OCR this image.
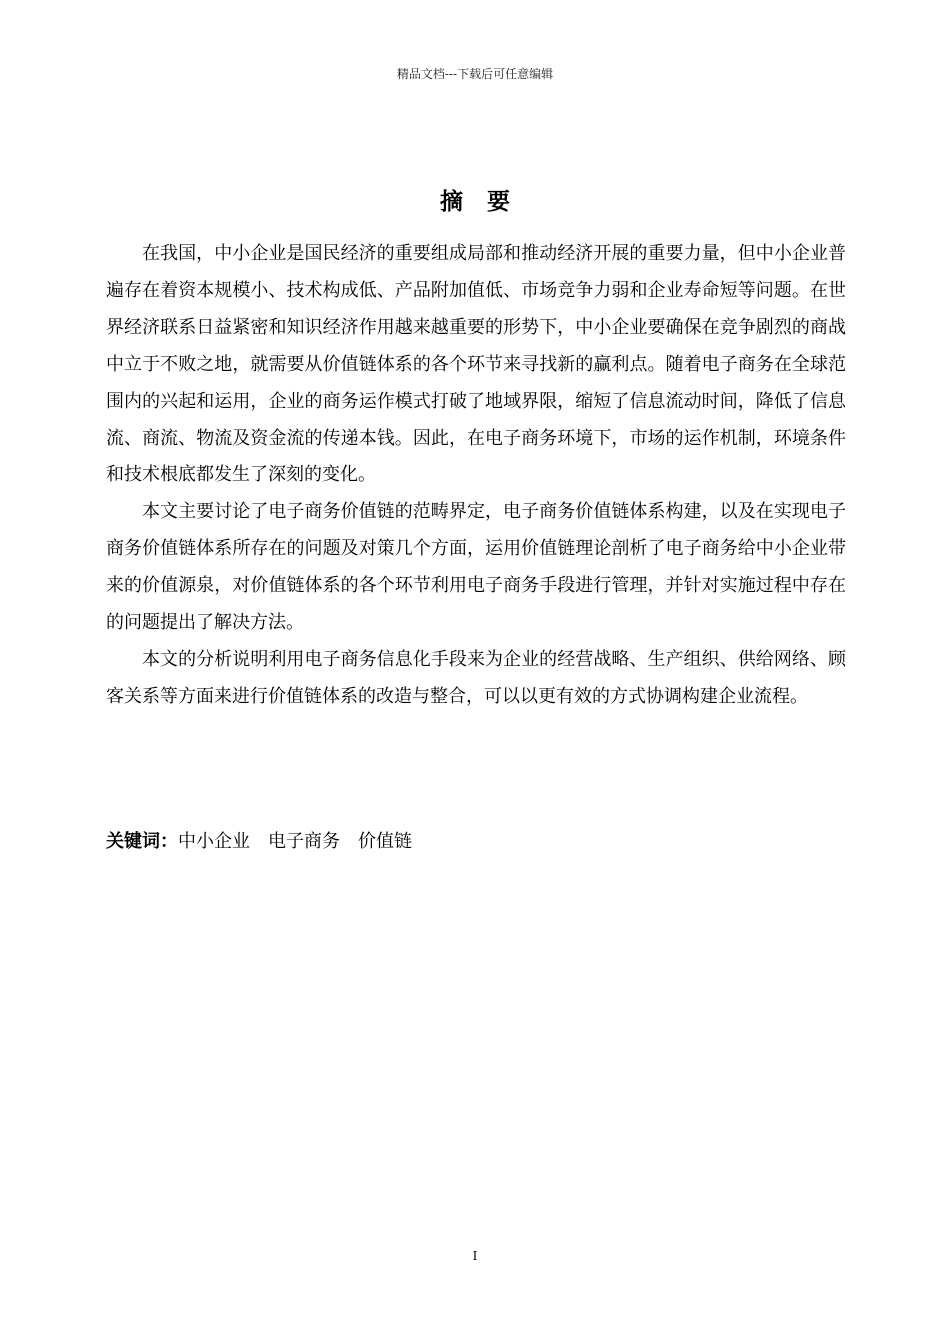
精品文档---下载后可任意编辑
摘要

在我国，中小企业是国民经济的重要组成局部和推动经济开展的重要力量，但中小企业普遍存在着资本规模小、技术构成低、产品附加值低、市场竞争力弱和企业寿命短等问题。在世界经济联系日益紧密和知识经济作用越来越重要的形势下，中小企业要确保在竞争剧烈的商战中立于不败之地，就需要从价值链体系的各个环节来寻找新的赢利点。随着电子商务在全球范围内的兴起和运用，企业的商务运作模式打破了地域界限，缩短了信息流动时间，降低了信息流、商流、物流及资金流的传递本钱。因此，在电子商务环境下，市场的运作机制，环境条件和技术根底都发生了深刻的变化。

本文主要讨论了电子商务价值链的范畴界定，电子商务价值链体系构建，以及在实现电子商务价值链体系所存在的问题及对策几个方面，运用价值链理论剖析了电子商务给中小企业带来的价值源泉，对价值链体系的各个环节利用电子商务手段进行管理，并针对实施过程中存在的问题提出了解决方法。

本文的分析说明利用电子商务信息化手段来为企业的经营战略、生产组织、供给网络、顾客关系等方面来进行价值链体系的改造与整合，可以以更有效的方式协调构建企业流程。

关键词：中小企业 电子商务 价值链
I
